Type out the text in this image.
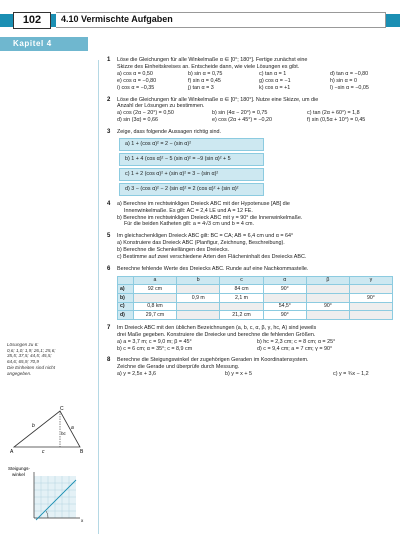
102	4.10 Vermischte Aufgaben
Kapitel 4
1 Löse die Gleichungen für alle Winkelmaße α ∈ [0°; 180°]. Fertige zunächst eine
Skizze des Einheitskreises an. Entscheide dann, wie viele Lösungen es gibt.
a) cos α = 0,50	b) sin α = 0,75	c) tan α = 1	d) tan α = −0,80
e) cos α = −0,80	f) sin α = 0,45	g) cos α = −1	h) sin α = 0
i) cos α = −0,35	j) tan α = 3	k) cos α = +1	l) −sin α = −0,05
2 Löse die Gleichungen für alle Winkelmaße α ∈ [0°; 180°]. Nutze eine Skizze, um die
Anzahl der Lösungen zu bestimmen.
a) cos (2α − 20°) = 0,50	b) sin (4α − 20°) = 0,75	c) tan (2α + 60°) = 1,8
d) sin (3α) = 0,66	e) cos (2α + 45°) = −0,20	f) sin (0,5α + 10°) = 0,45
3 Zeige, dass folgende Aussagen richtig sind.
a) 1 + (cos α)² = 2 − (sin α)²
b) 1 + 4 (cos α)² − 5 (sin α)² = −9 (sin α)² + 5
c) 1 + 2 (cos α)² + (sin α)² = 3 − (sin α)²
d) 3 − (cos α)² − 2 (sin α)² = 2 (cos α)² + (sin α)²
4 a) Berechne im rechtwinkligen Dreieck ABC mit der Hypotenuse [AB] die
Innenwinkelmaße. Es gilt: AC = 2,4 LE und A = 12 FE.
b) Berechne im rechtwinkligen Dreieck ABC mit γ = 90° die Innenwinkelmaße.
Für die beiden Katheten gilt: a = 4√3 cm und b = 4 cm.
5 Im gleichschenkligen Dreieck ABC gilt: BC = CA; AB = 6,4 cm und α = 64°
a) Konstruiere das Dreieck ABC (Planfigur, Zeichnung, Beschreibung).
b) Berechne die Schenkellängen des Dreiecks.
c) Bestimme auf zwei verschiedene Arten den Flächeninhalt des Dreiecks ABC.
6 Berechne fehlende Werte des Dreiecks ABC. Runde auf eine Nachkommastelle.
	a	b	c	α	β	γ
a)	92 cm		84 cm	90°		
b)		0,9 m	2,1 m			90°
c)	0,8 km			54,5°	90°	
d)	29,7 cm		21,2 cm	90°		
7 Im Dreieck ABC mit den üblichen Bezeichnungen (a, b, c, α, β, γ, hc, A) sind jeweils
drei Maße gegeben. Konstruiere die Dreiecke und berechne die fehlenden Größen.
a) a = 3,7 m; c = 9,0 m; β = 45°	b) hc = 2,3 cm; c = 8 cm; α = 25°
b) c = 6 cm; α = 35°; c = 8,9 cm	d) c = 9,4 cm; a = 7 cm; γ = 90°
8 Berechne die Steigungswinkel der zugehörigen Geraden im Koordinatensystem.
Zeichne die Gerade und überprüfe durch Messung.
a) y = 2,5x + 3,6	b) y = x + 5	c) y = ¾x − 1,2
Lösungen zu 6:
0,6; 1,0; 1,9; 26,1; 25,6;
35,5; 37,5; 44,5; 45,5;
64,6; 65,9; 70,9
Die Einheiten sind nicht
angegeben.
C
A	B
b	a
c
hc
Steigungs-
winkel
x
